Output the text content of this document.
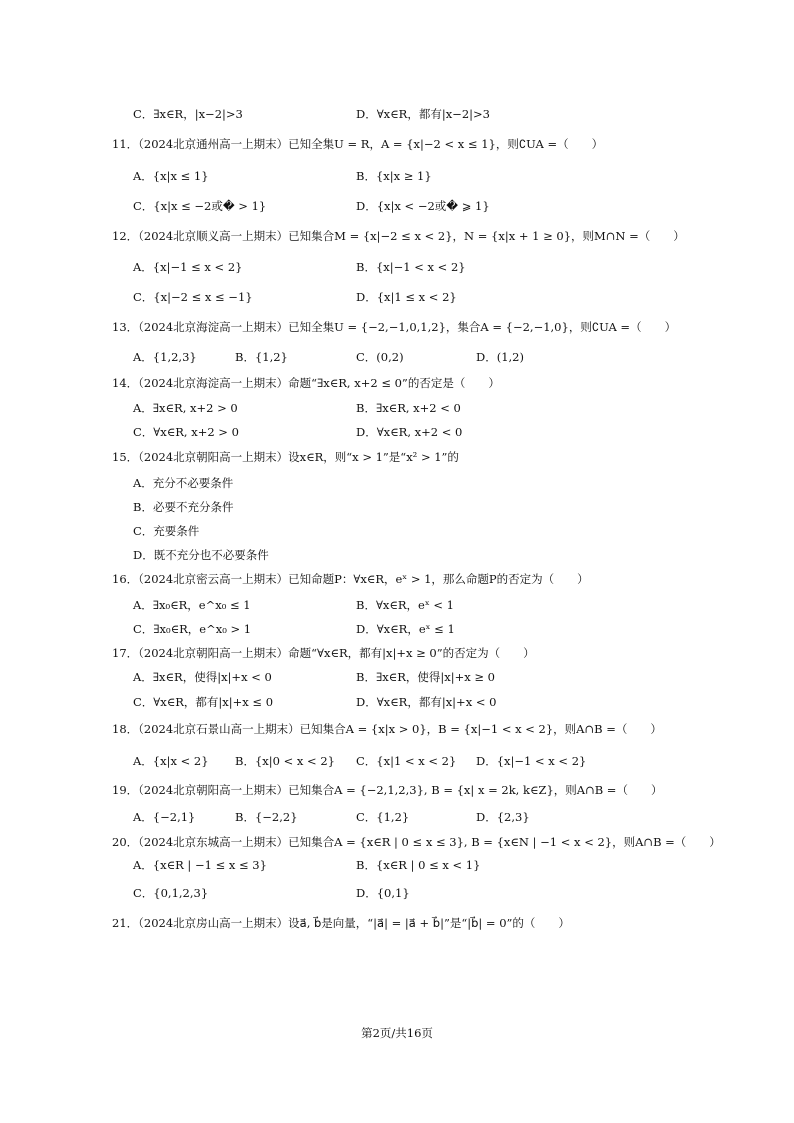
C．∃x∈R，|x−2|>3	D．∀x∈R，都有|x−2|>3
11．（2024北京通州高一上期末）已知全集U = R，A = {x|−2 < x ≤ 1}，则∁UA =（　　）
A．{x|x ≤ 1}	B．{x|x ≥ 1}
C．{x|x ≤ −2或� > 1}	D．{x|x < −2或� ⩾ 1}
12．（2024北京顺义高一上期末）已知集合M = {x|−2 ≤ x < 2}，N = {x|x + 1 ≥ 0}，则M∩N =（　　）
A．{x|−1 ≤ x < 2}	B．{x|−1 < x < 2}
C．{x|−2 ≤ x ≤ −1}	D．{x|1 ≤ x < 2}
13．（2024北京海淀高一上期末）已知全集U = {−2,−1,0,1,2}，集合A = {−2,−1,0}，则∁UA =（　　）
A．{1,2,3}	B．{1,2}	C．(0,2)	D．(1,2)
14．（2024北京海淀高一上期末）命题“∃x∈R, x+2 ≤ 0”的否定是（　　）
A．∃x∈R, x+2 > 0	B．∃x∈R, x+2 < 0
C．∀x∈R, x+2 > 0	D．∀x∈R, x+2 < 0
15．（2024北京朝阳高一上期末）设x∈R，则“x > 1”是“x² > 1”的
A．充分不必要条件
B．必要不充分条件
C．充要条件
D．既不充分也不必要条件
16．（2024北京密云高一上期末）已知命题P：∀x∈R，eˣ > 1，那么命题P的否定为（　　）
A．∃x₀∈R，e^x₀ ≤ 1	B．∀x∈R，eˣ < 1
C．∃x₀∈R，e^x₀ > 1	D．∀x∈R，eˣ ≤ 1
17．（2024北京朝阳高一上期末）命题“∀x∈R，都有|x|+x ≥ 0”的否定为（　　）
A．∃x∈R，使得|x|+x < 0	B．∃x∈R，使得|x|+x ≥ 0
C．∀x∈R，都有|x|+x ≤ 0	D．∀x∈R，都有|x|+x < 0
18．（2024北京石景山高一上期末）已知集合A = {x|x > 0}，B = {x|−1 < x < 2}，则A∩B =（　　）
A．{x|x < 2} B．{x|0 < x < 2} C．{x|1 < x < 2} D．{x|−1 < x < 2}
19．（2024北京朝阳高一上期末）已知集合A = {−2,1,2,3}, B = {x| x = 2k, k∈Z}，则A∩B =（　　）
A．{−2,1}	B．{−2,2}	C．{1,2}	D．{2,3}
20．（2024北京东城高一上期末）已知集合A = {x∈R | 0 ≤ x ≤ 3}, B = {x∈N | −1 < x < 2}，则A∩B =（　　）
A．{x∈R | −1 ≤ x ≤ 3}	B．{x∈R | 0 ≤ x < 1}
C．{0,1,2,3}	D．{0,1}
21．（2024北京房山高一上期末）设a⃗, b⃗是向量，“|a⃗| = |a⃗ + b⃗|”是“|b⃗| = 0”的（　　）
第2页/共16页
